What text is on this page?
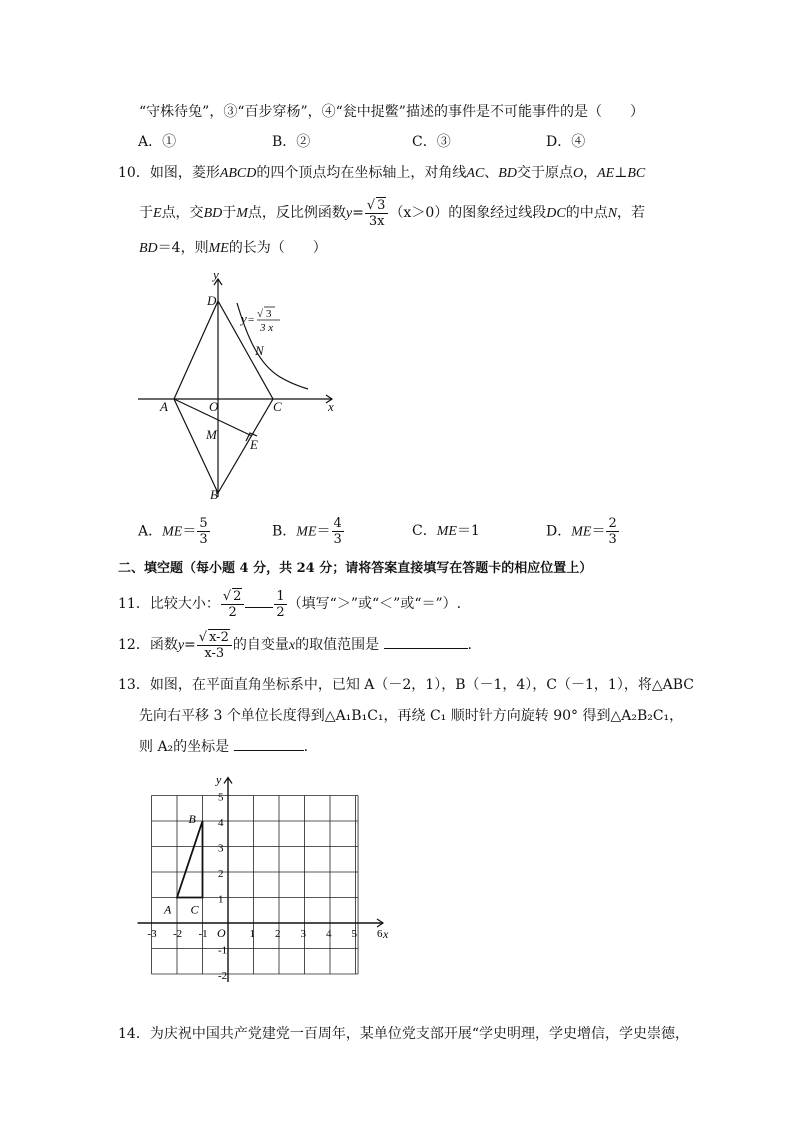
“守株待兔”，③“百步穿杨”，④“瓮中捉鳖”描述的事件是不可能事件的是（　　）
A．①	B．②	C．③	D．④
10．如图，菱形ABCD的四个顶点均在坐标轴上，对角线AC、BD交于原点O，AE⊥BC
于E点，交BD于M点，反比例函数$y= \frac{√ 3}{3x} (x>0)$的图象经过线段DC的中点N，若
BD＝4，则ME的长为（　　）
y
x
D
A	O	C
M
E
B
N
y = √ 3
3 x
A．$ME= \frac{5}{3}$	B．$ME= \frac{4}{3}$	C．ME＝1	D．$ME= \frac{2}{3}$
二、填空题（每小题 4 分，共 24 分；请将答案直接填写在答题卡的相应位置上）
11．比较大小： $\frac{√ 2}{2} \frac{1}{2}$ （填写“＞”或“＜”或“＝”）.
12．函数$y= \frac{√ x-2}{x-3}$ 的自变量x的取值范围是	.
13．如图，在平面直角坐标系中，已知 A（－2，1），B（－1，4），C（－1，1），将△ABC
先向右平移 3 个单位长度得到△A₁B₁C₁，再绕 C₁ 顺时针方向旋转 90° 得到△A₂B₂C₁，
则 A₂的坐标是	.
y
x
O
-3 -2 -1	1 2 3 4 5 6
5
4
3
2
1
-1
-2
A
B
C
14．为庆祝中国共产党建党一百周年，某单位党支部开展“学史明理，学史增信，学史崇德，
